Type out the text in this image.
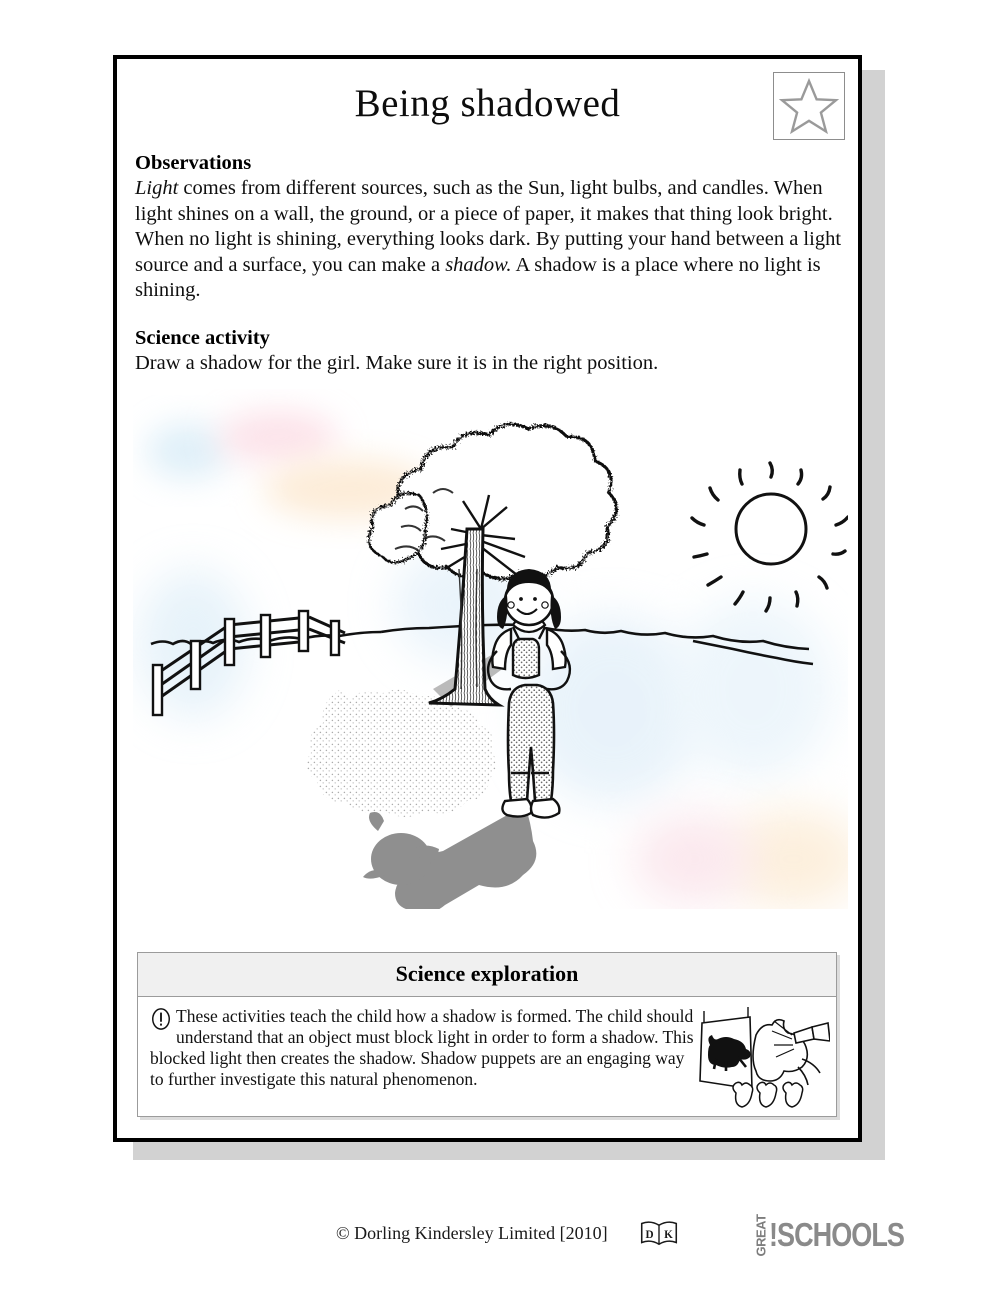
Being shadowed
Observations

Light comes from different sources, such as the Sun, light bulbs, and candles. When light shines on a wall, the ground, or a piece of paper, it makes that thing look bright. When no light is shining, everything looks dark. By putting your hand between a light source and a surface, you can make a shadow. A shadow is a place where no light is shining.

Science activity

Draw a shadow for the girl. Make sure it is in the right position.

Science exploration
These activities teach the child how a shadow is formed. The child should understand that an object must block light in order to form a shadow. This blocked light then creates the shadow. Shadow puppets are an engaging way to further investigate this natural phenomenon.
© Dorling Kindersley Limited [2010]	D K	GREAT !SCHOOLS
